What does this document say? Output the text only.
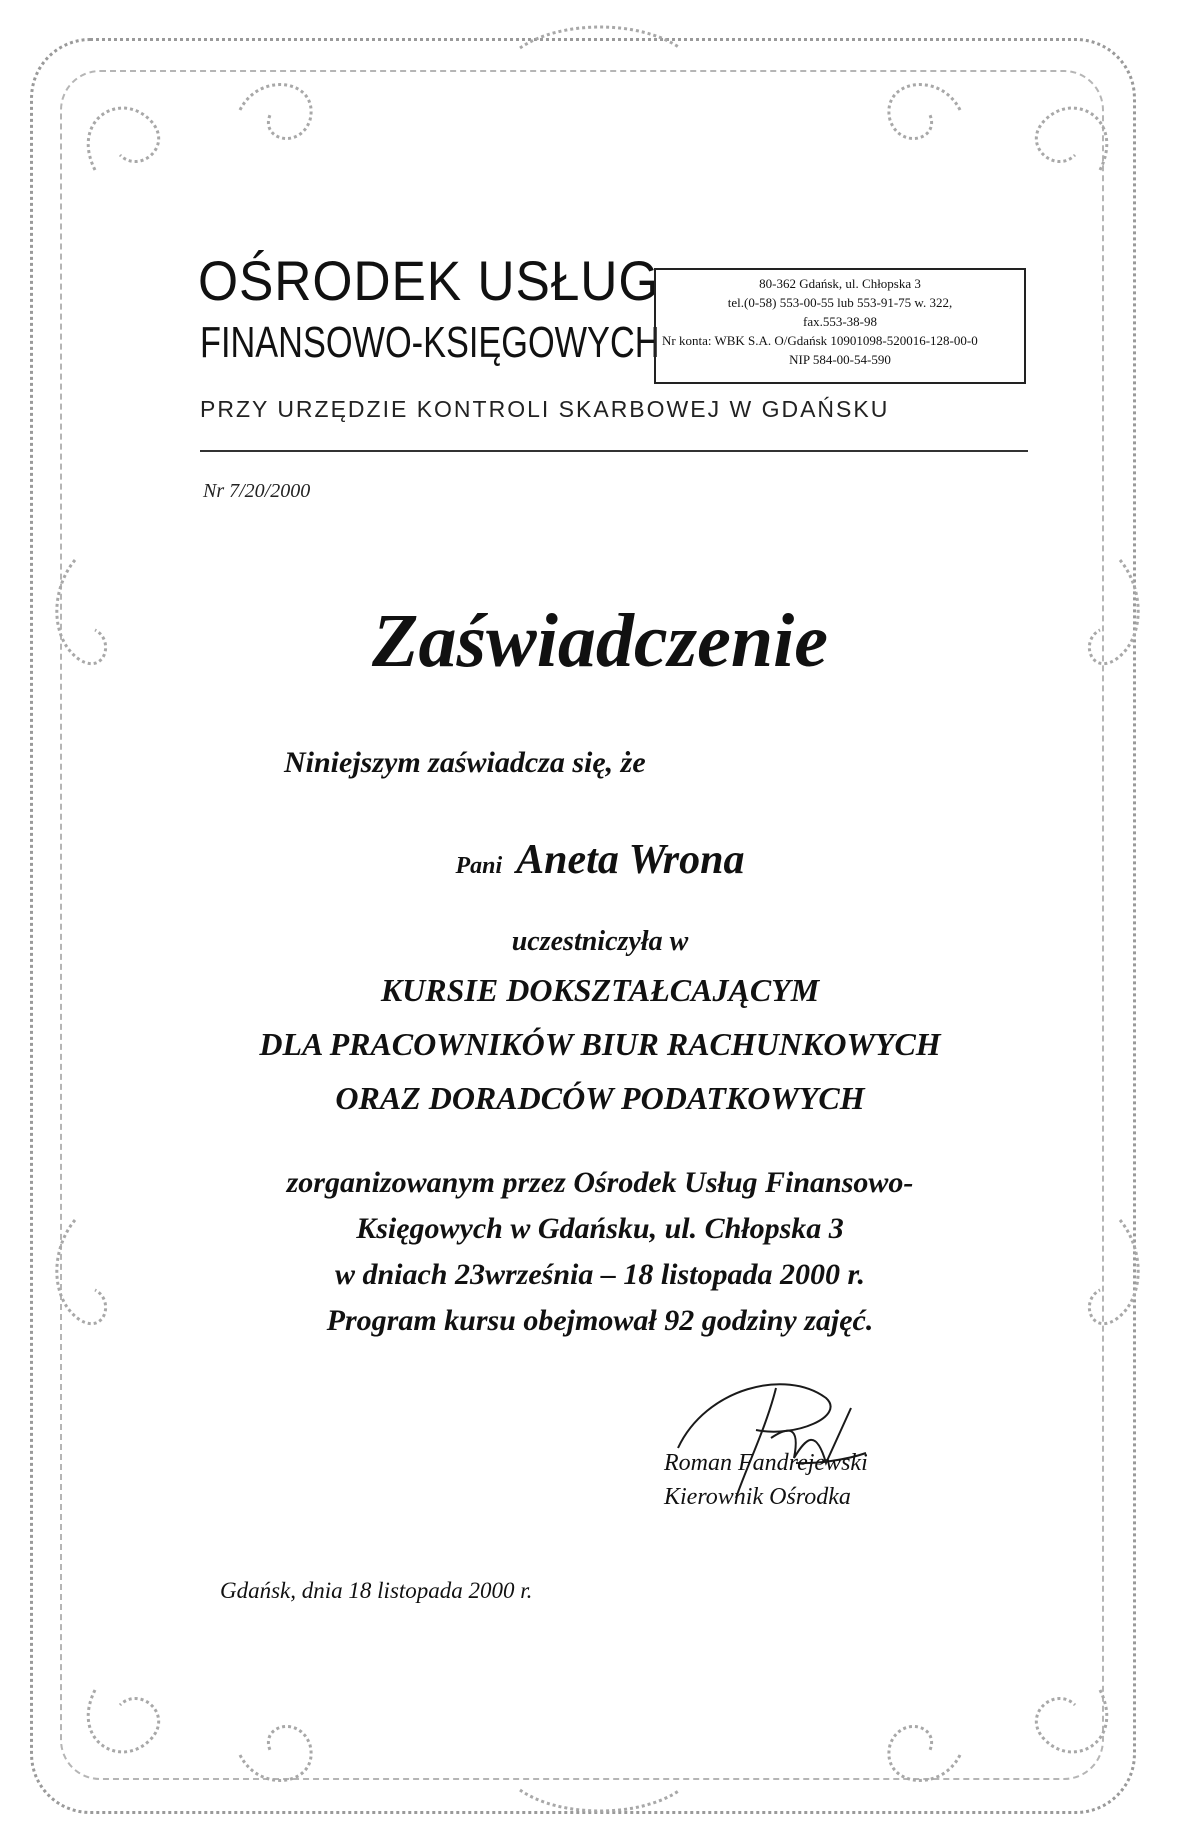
OŚRODEK USŁUG
FINANSOWO-KSIĘGOWYCH
80-362 Gdańsk, ul. Chłopska 3
tel.(0-58) 553-00-55 lub 553-91-75 w. 322,
fax.553-38-98
Nr konta: WBK S.A. O/Gdańsk 10901098-520016-128-00-0
NIP 584-00-54-590
PRZY URZĘDZIE KONTROLI SKARBOWEJ W GDAŃSKU
Nr 7/20/2000
Zaświadczenie
Niniejszym zaświadcza się, że
Pani Aneta Wrona
uczestniczyła w
KURSIE DOKSZTAŁCAJĄCYM
DLA PRACOWNIKÓW BIUR RACHUNKOWYCH
ORAZ DORADCÓW PODATKOWYCH
zorganizowanym przez Ośrodek Usług Finansowo-
Księgowych w Gdańsku, ul. Chłopska 3
w dniach 23września – 18 listopada 2000 r.
Program kursu obejmował 92 godziny zajęć.
Roman Fandrejewski
Kierownik Ośrodka
Gdańsk, dnia 18 listopada 2000 r.
